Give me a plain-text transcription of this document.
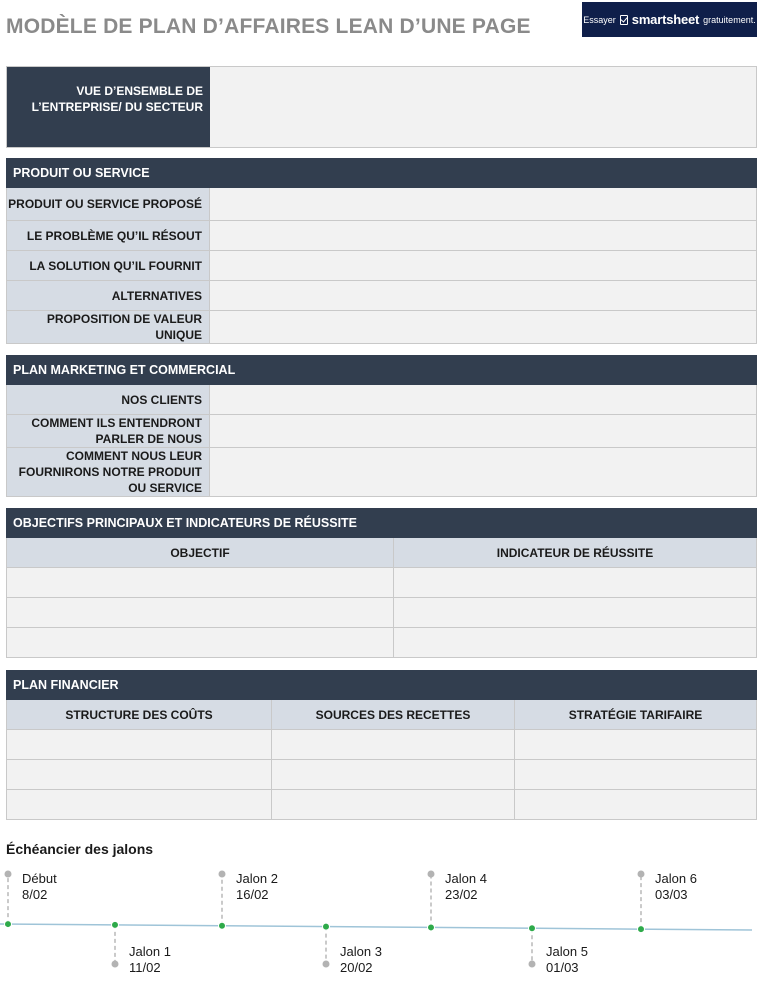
MODÈLE DE PLAN D’AFFAIRES LEAN D’UNE PAGE	Essayer smartsheet gratuitement.
VUE D’ENSEMBLE DE L’ENTREPRISE/ DU SECTEUR
PRODUIT OU SERVICE
PRODUIT OU SERVICE PROPOSÉ
LE PROBLÈME QU’IL RÉSOUT
LA SOLUTION QU’IL FOURNIT
ALTERNATIVES
PROPOSITION DE VALEUR UNIQUE
PLAN MARKETING ET COMMERCIAL
NOS CLIENTS
COMMENT ILS ENTENDRONT PARLER DE NOUS
COMMENT NOUS LEUR FOURNIRONS NOTRE PRODUIT OU SERVICE
OBJECTIFS PRINCIPAUX ET INDICATEURS DE RÉUSSITE
OBJECTIF	INDICATEUR DE RÉUSSITE
PLAN FINANCIER
STRUCTURE DES COÛTS	SOURCES DES RECETTES	STRATÉGIE TARIFAIRE
Échéancier des jalons
Début
8/02
Jalon 1
11/02
Jalon 2
16/02
Jalon 3
20/02
Jalon 4
23/02
Jalon 5
01/03
Jalon 6
03/03
